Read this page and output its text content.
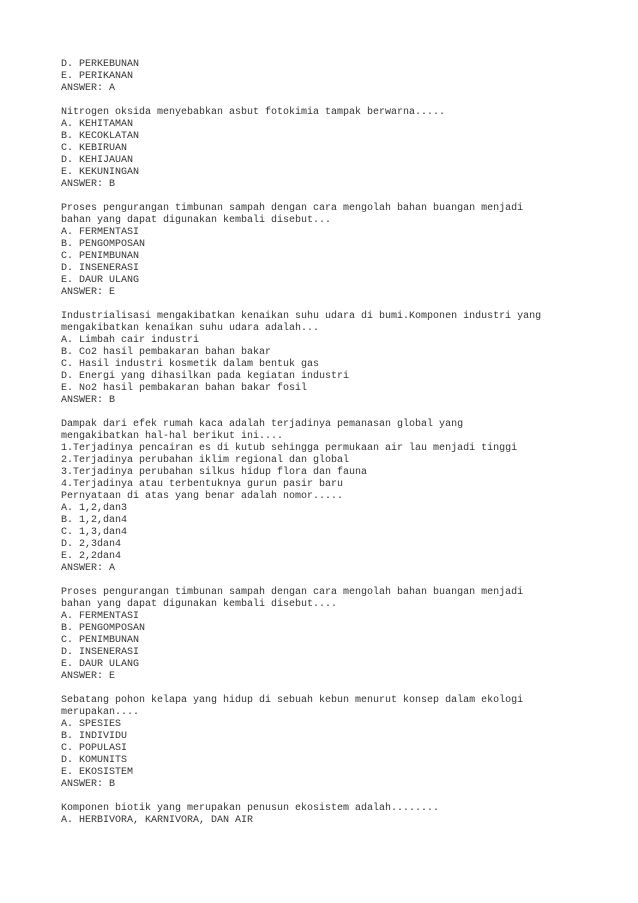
D. PERKEBUNAN
E. PERIKANAN
ANSWER: A
Nitrogen oksida menyebabkan asbut fotokimia tampak berwarna.....
A. KEHITAMAN
B. KECOKLATAN
C. KEBIRUAN
D. KEHIJAUAN
E. KEKUNINGAN
ANSWER: B
Proses pengurangan timbunan sampah dengan cara mengolah bahan buangan menjadi
bahan yang dapat digunakan kembali disebut...
A. FERMENTASI
B. PENGOMPOSAN
C. PENIMBUNAN
D. INSENERASI
E. DAUR ULANG
ANSWER: E
Industrialisasi mengakibatkan kenaikan suhu udara di bumi.Komponen industri yang
mengakibatkan kenaikan suhu udara adalah...
A. Limbah cair industri
B. Co2 hasil pembakaran bahan bakar
C. Hasil industri kosmetik dalam bentuk gas
D. Energi yang dihasilkan pada kegiatan industri
E. No2 hasil pembakaran bahan bakar fosil
ANSWER: B
Dampak dari efek rumah kaca adalah terjadinya pemanasan global yang
mengakibatkan hal-hal berikut ini....
1.Terjadinya pencairan es di kutub sehingga permukaan air lau menjadi tinggi
2.Terjadinya perubahan iklim regional dan global
3.Terjadinya perubahan silkus hidup flora dan fauna
4.Terjadinya atau terbentuknya gurun pasir baru
Pernyataan di atas yang benar adalah nomor.....
A. 1,2,dan3
B. 1,2,dan4
C. 1,3,dan4
D. 2,3dan4
E. 2,2dan4
ANSWER: A
Proses pengurangan timbunan sampah dengan cara mengolah bahan buangan menjadi
bahan yang dapat digunakan kembali disebut....
A. FERMENTASI
B. PENGOMPOSAN
C. PENIMBUNAN
D. INSENERASI
E. DAUR ULANG
ANSWER: E
Sebatang pohon kelapa yang hidup di sebuah kebun menurut konsep dalam ekologi
merupakan....
A. SPESIES
B. INDIVIDU
C. POPULASI
D. KOMUNITS
E. EKOSISTEM
ANSWER: B
Komponen biotik yang merupakan penusun ekosistem adalah........
A. HERBIVORA, KARNIVORA, DAN AIR
